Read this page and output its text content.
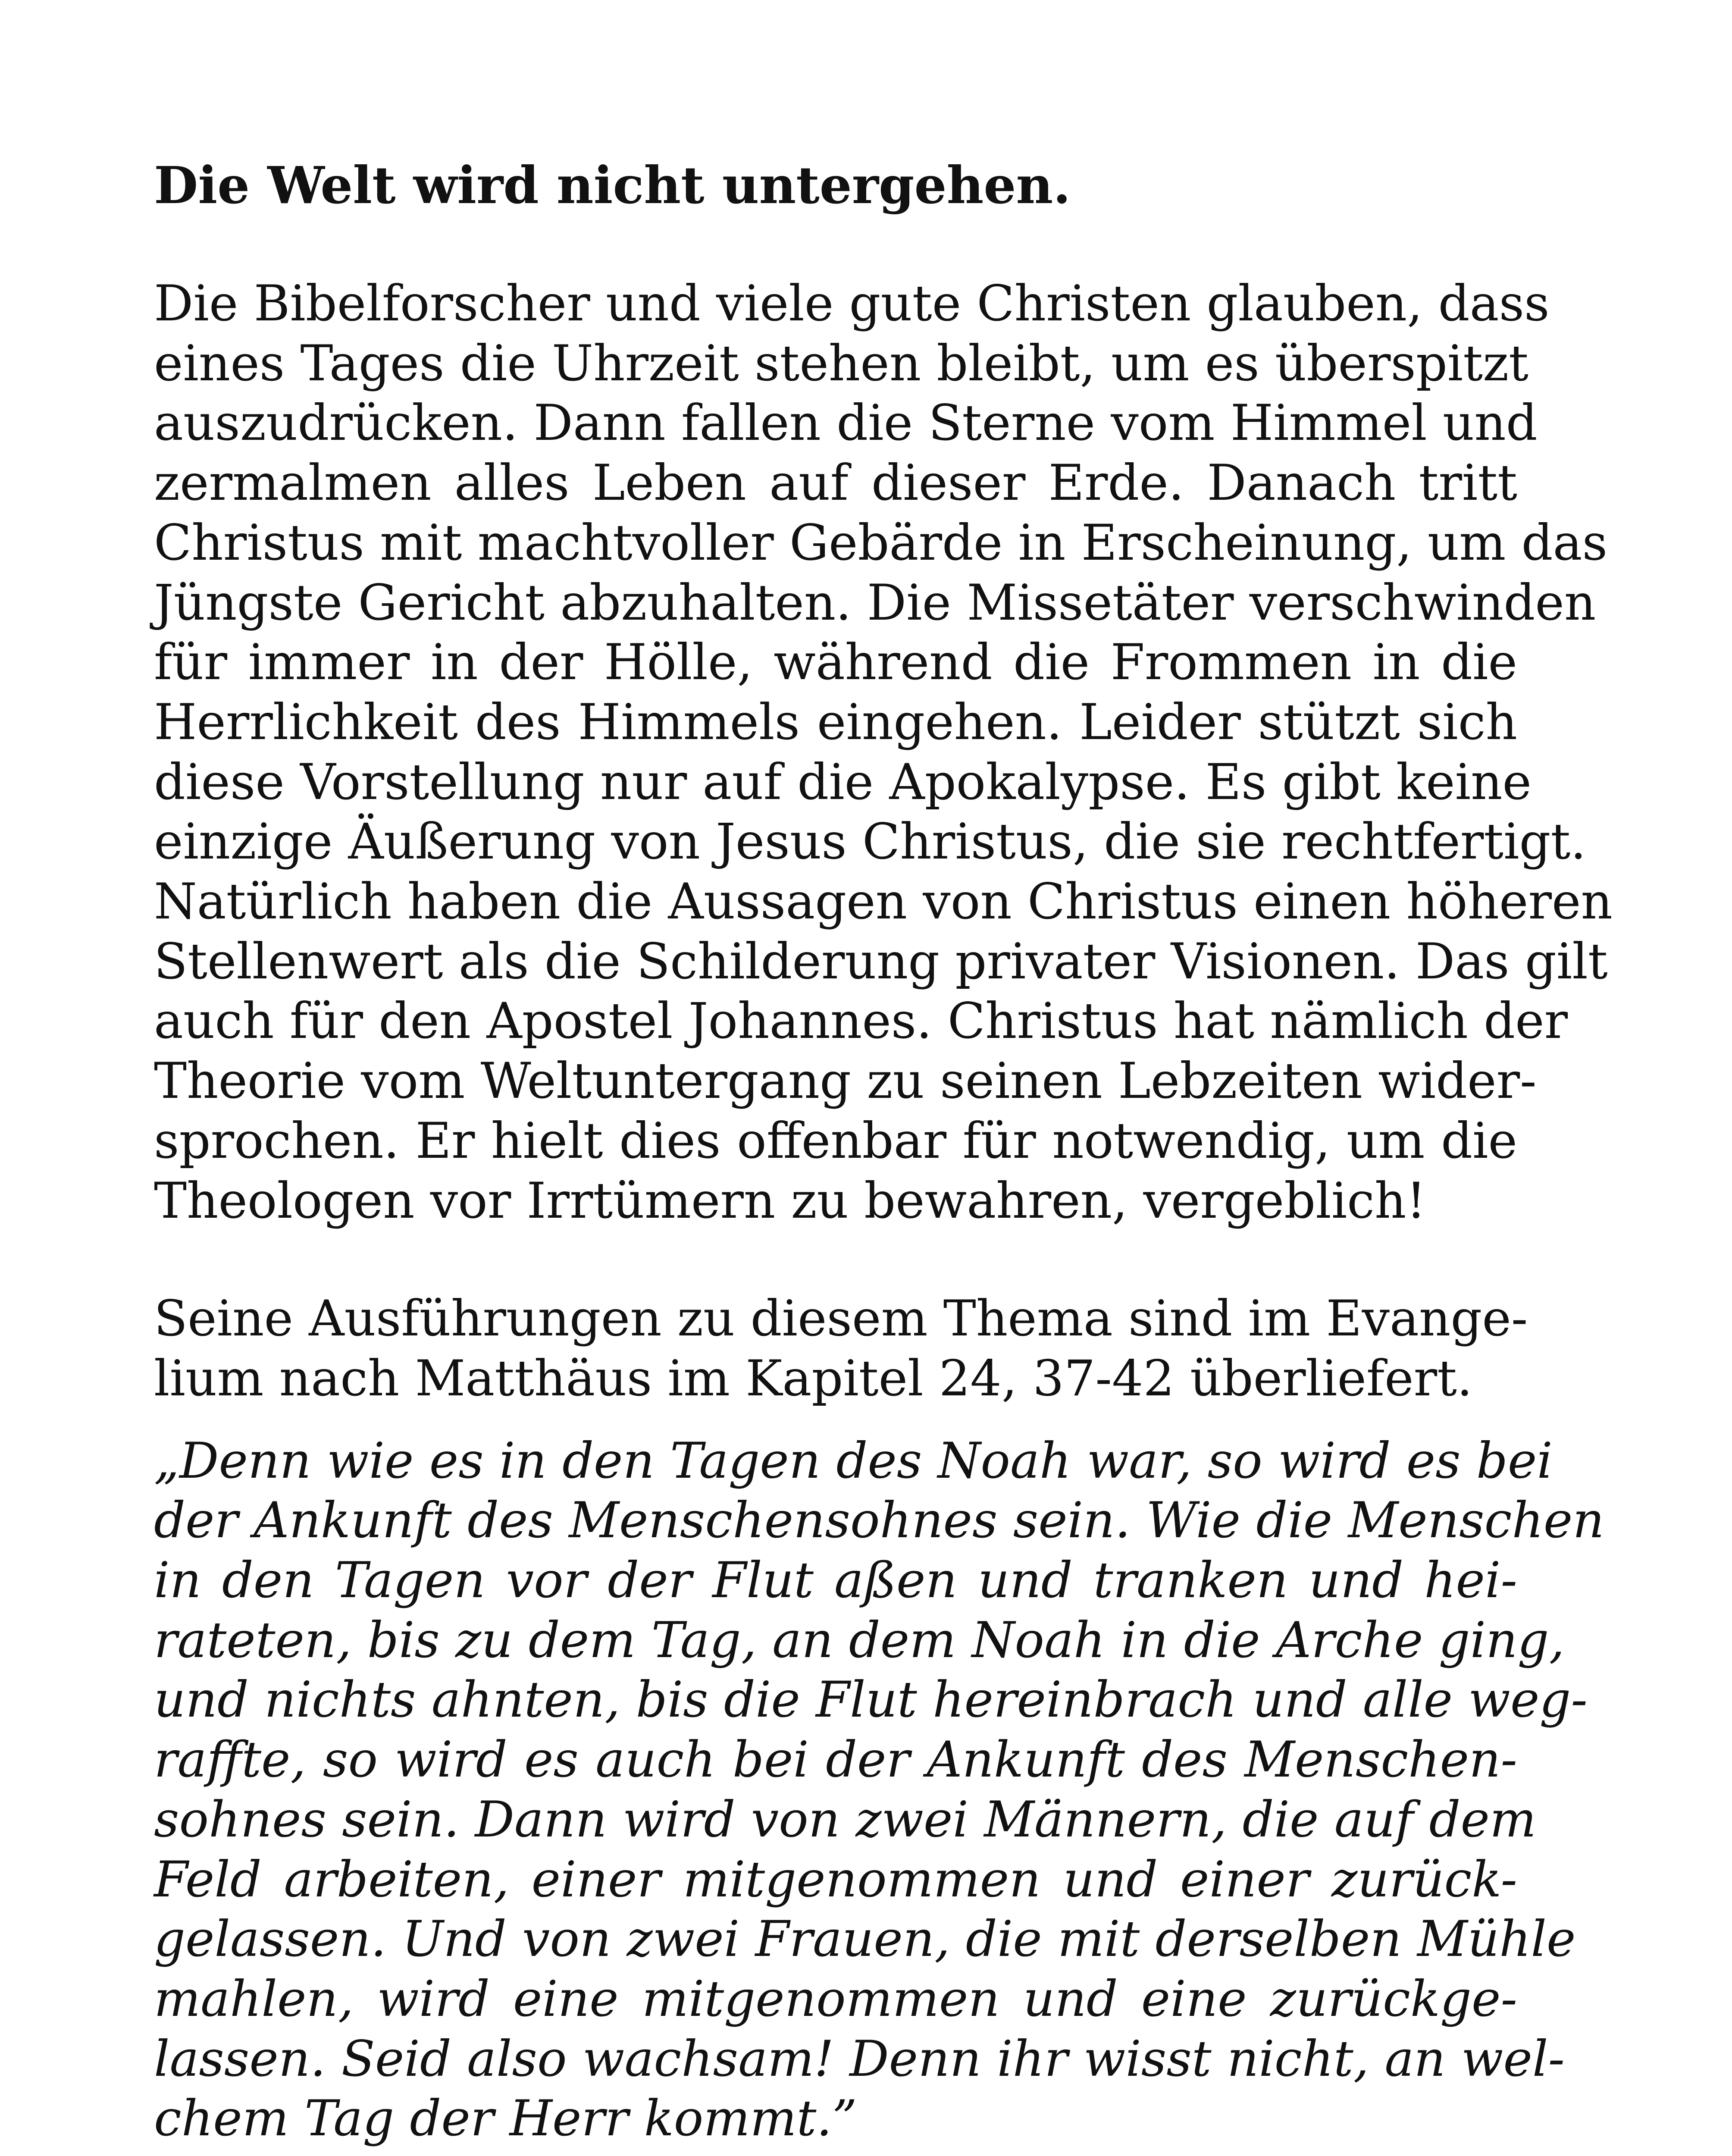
Die Welt wird nicht untergehen.
Die Bibelforscher und viele gute Christen glauben, dass
eines Tages die Uhrzeit stehen bleibt, um es überspitzt
auszudrücken. Dann fallen die Sterne vom Himmel und
zermalmen alles Leben auf dieser Erde. Danach tritt
Christus mit machtvoller Gebärde in Erscheinung, um das
Jüngste Gericht abzuhalten. Die Missetäter verschwinden
für immer in der Hölle, während die Frommen in die
Herrlichkeit des Himmels eingehen. Leider stützt sich
diese Vorstellung nur auf die Apokalypse. Es gibt keine
einzige Äußerung von Jesus Christus, die sie rechtfertigt.
Natürlich haben die Aussagen von Christus einen höheren
Stellenwert als die Schilderung privater Visionen. Das gilt
auch für den Apostel Johannes. Christus hat nämlich der
Theorie vom Weltuntergang zu seinen Lebzeiten wider-
sprochen. Er hielt dies offenbar für notwendig, um die
Theologen vor Irrtümern zu bewahren, vergeblich!
Seine Ausführungen zu diesem Thema sind im Evange-
lium nach Matthäus im Kapitel 24, 37-42 überliefert.
„Denn wie es in den Tagen des Noah war, so wird es bei
der Ankunft des Menschensohnes sein. Wie die Menschen
in den Tagen vor der Flut aßen und tranken und hei-
rateten, bis zu dem Tag, an dem Noah in die Arche ging,
und nichts ahnten, bis die Flut hereinbrach und alle weg-
raffte, so wird es auch bei der Ankunft des Menschen-
sohnes sein. Dann wird von zwei Männern, die auf dem
Feld arbeiten, einer mitgenommen und einer zurück-
gelassen. Und von zwei Frauen, die mit derselben Mühle
mahlen, wird eine mitgenommen und eine zurückge-
lassen. Seid also wachsam! Denn ihr wisst nicht, an wel-
chem Tag der Herr kommt.”
